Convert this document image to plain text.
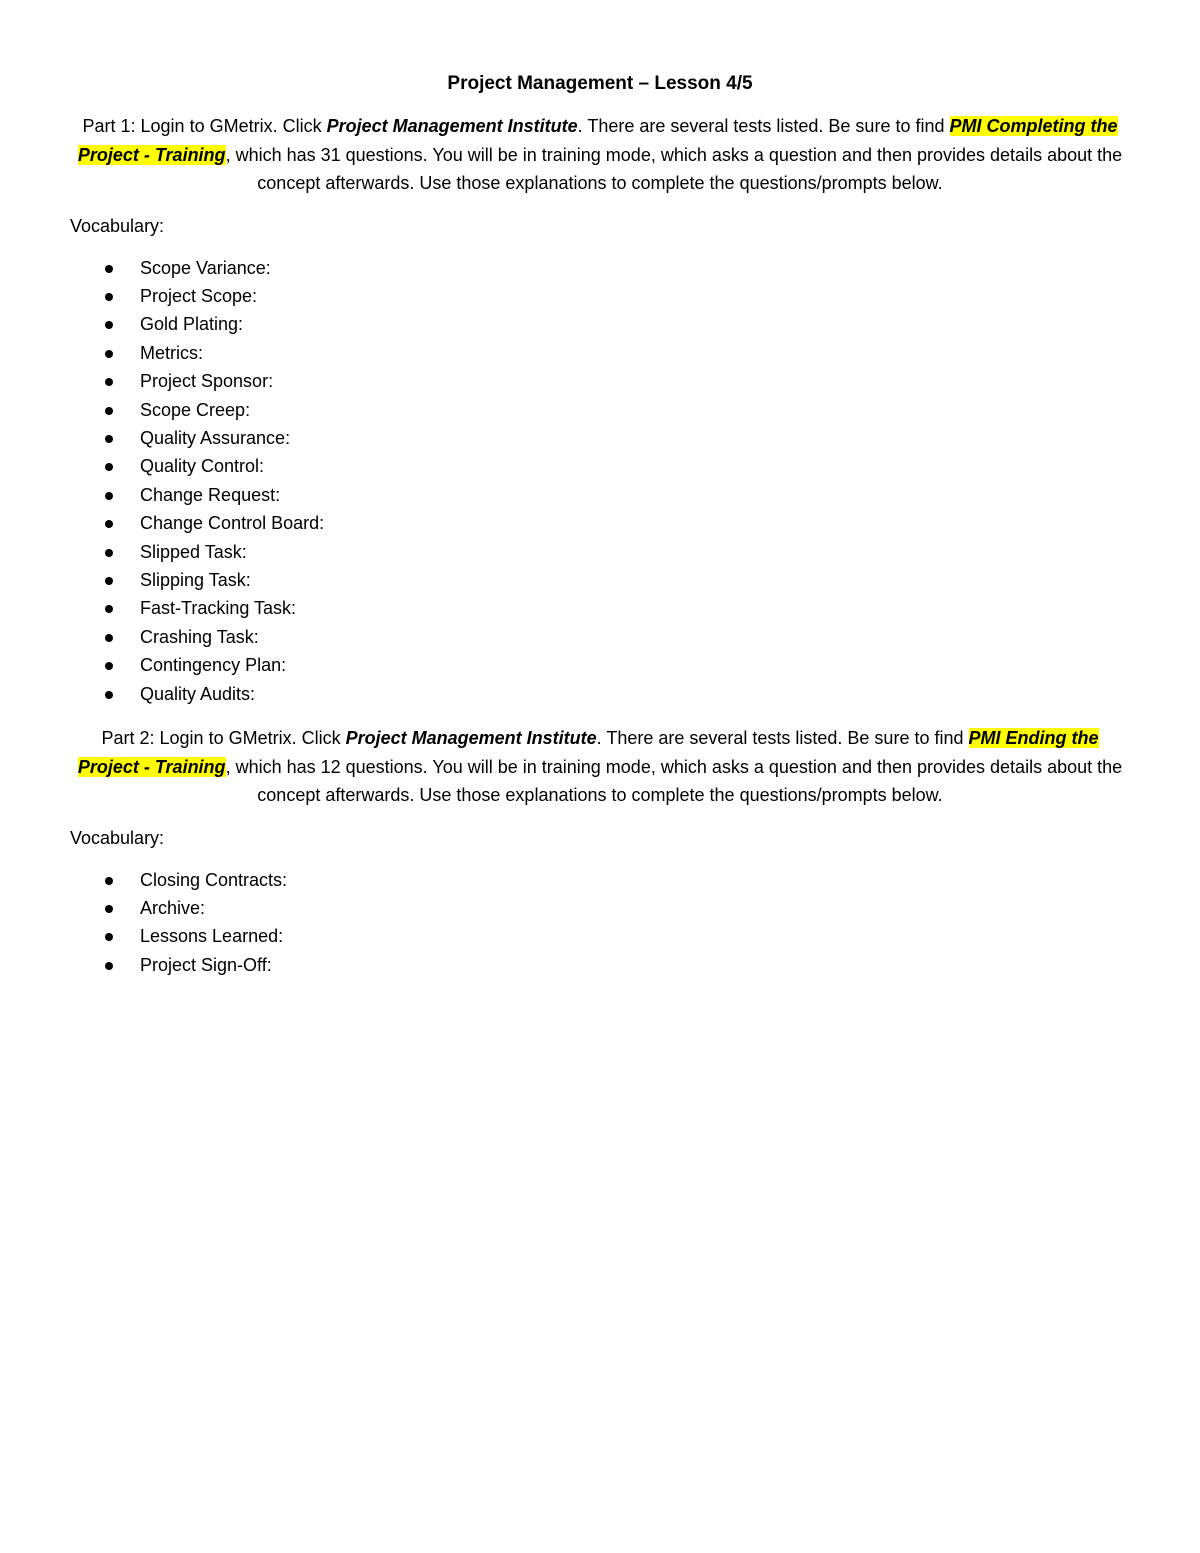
Project Management – Lesson 4/5

Part 1: Login to GMetrix. Click Project Management Institute. There are several tests listed. Be sure to find PMI Completing the Project - Training, which has 31 questions. You will be in training mode, which asks a question and then provides details about the concept afterwards. Use those explanations to complete the questions/prompts below.

Vocabulary:
Scope Variance:
Project Scope:
Gold Plating:
Metrics:
Project Sponsor:
Scope Creep:
Quality Assurance:
Quality Control:
Change Request:
Change Control Board:
Slipped Task:
Slipping Task:
Fast-Tracking Task:
Crashing Task:
Contingency Plan:
Quality Audits:

Part 2: Login to GMetrix. Click Project Management Institute. There are several tests listed. Be sure to find PMI Ending the Project - Training, which has 12 questions. You will be in training mode, which asks a question and then provides details about the concept afterwards. Use those explanations to complete the questions/prompts below.

Vocabulary:
Closing Contracts:
Archive:
Lessons Learned:
Project Sign-Off:
